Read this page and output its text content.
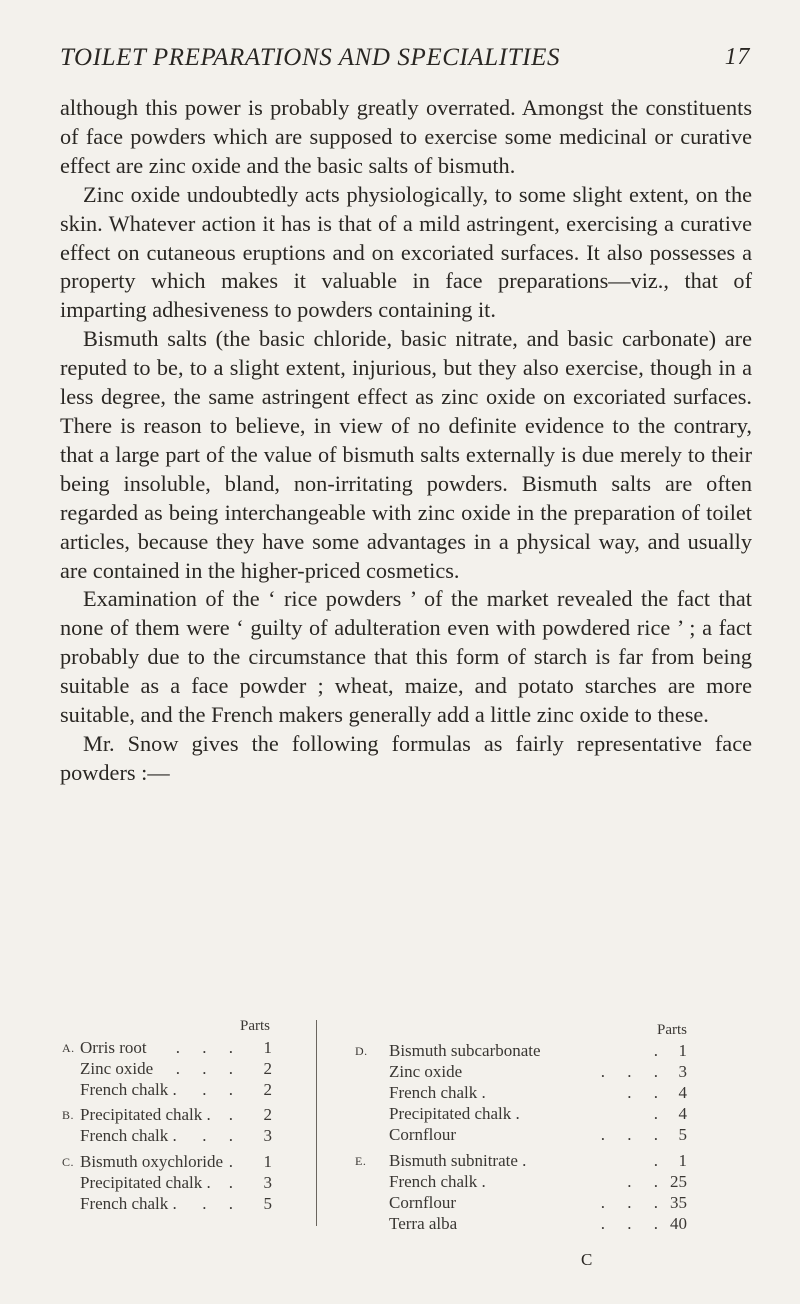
TOILET PREPARATIONS AND SPECIALITIES	17

although this power is probably greatly overrated. Amongst the constituents of face powders which are supposed to exercise some medicinal or curative effect are zinc oxide and the basic salts of bismuth.

Zinc oxide undoubtedly acts physiologically, to some slight extent, on the skin. Whatever action it has is that of a mild astringent, exercising a curative effect on cutaneous eruptions and on excoriated surfaces. It also possesses a property which makes it valuable in face preparations—viz., that of imparting adhesiveness to powders containing it.

Bismuth salts (the basic chloride, basic nitrate, and basic carbonate) are reputed to be, to a slight extent, injurious, but they also exercise, though in a less degree, the same astringent effect as zinc oxide on excoriated surfaces. There is reason to believe, in view of no definite evidence to the contrary, that a large part of the value of bismuth salts externally is due merely to their being insoluble, bland, non-irritating powders. Bismuth salts are often regarded as being interchangeable with zinc oxide in the preparation of toilet articles, because they have some advantages in a physical way, and usually are contained in the higher-priced cosmetics.

Examination of the ‘ rice powders ’ of the market revealed the fact that none of them were ‘ guilty of adulteration even with powdered rice ’ ; a fact probably due to the circumstance that this form of starch is far from being suitable as a face powder ; wheat, maize, and potato starches are more suitable, and the French makers generally add a little zinc oxide to these.

Mr. Snow gives the following formulas as fairly representative face powders :—

Parts
A. Orris root . . .	1
Zinc oxide . . .	2
French chalk . . .	2
B. Precipitated chalk . .	2
French chalk . . .	3
C. Bismuth oxychloride .	1
Precipitated chalk . .	3
French chalk . . .	5
Parts
D. Bismuth subcarbonate	. 1
Zinc oxide	. . . 3
French chalk .	. . 4
Precipitated chalk .	. 4
Cornflour	. . . 5
E. Bismuth subnitrate .	. 1
French chalk .	. . 25
Cornflour	. . . 35
Terra alba	. . . 40
C
